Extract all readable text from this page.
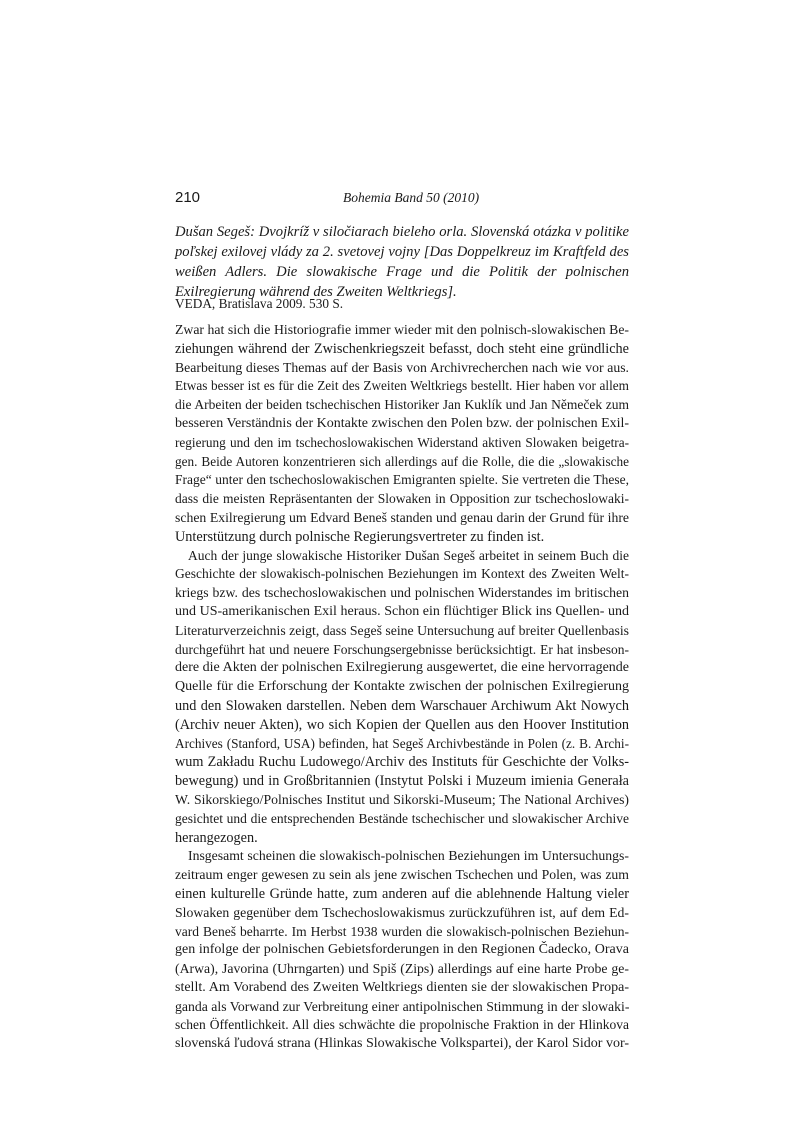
210	Bohemia Band 50 (2010)
Dušan Segeš: Dvojkríž v siločiarach bieleho orla. Slovenská otázka v politike poľskej exilovej vlády za 2. svetovej vojny [Das Doppelkreuz im Kraftfeld des weißen Adlers. Die slowakische Frage und die Politik der polnischen Exilregierung während des Zweiten Weltkriegs].
VEDA, Bratislava 2009. 530 S.
Zwar hat sich die Historiografie immer wieder mit den polnisch-slowakischen Be-
ziehungen während der Zwischenkriegszeit befasst, doch steht eine gründliche
Bearbeitung dieses Themas auf der Basis von Archivrecherchen nach wie vor aus.
Etwas besser ist es für die Zeit des Zweiten Weltkriegs bestellt. Hier haben vor allem
die Arbeiten der beiden tschechischen Historiker Jan Kuklík und Jan Němeček zum
besseren Verständnis der Kontakte zwischen den Polen bzw. der polnischen Exil-
regierung und den im tschechoslowakischen Widerstand aktiven Slowaken beigetra-
gen. Beide Autoren konzentrieren sich allerdings auf die Rolle, die die „slowakische
Frage“ unter den tschechoslowakischen Emigranten spielte. Sie vertreten die These,
dass die meisten Repräsentanten der Slowaken in Opposition zur tschechoslowaki-
schen Exilregierung um Edvard Beneš standen und genau darin der Grund für ihre
Unterstützung durch polnische Regierungsvertreter zu finden ist.
Auch der junge slowakische Historiker Dušan Segeš arbeitet in seinem Buch die
Geschichte der slowakisch-polnischen Beziehungen im Kontext des Zweiten Welt-
kriegs bzw. des tschechoslowakischen und polnischen Widerstandes im britischen
und US-amerikanischen Exil heraus. Schon ein flüchtiger Blick ins Quellen- und
Literaturverzeichnis zeigt, dass Segeš seine Untersuchung auf breiter Quellenbasis
durchgeführt hat und neuere Forschungsergebnisse berücksichtigt. Er hat insbeson-
dere die Akten der polnischen Exilregierung ausgewertet, die eine hervorragende
Quelle für die Erforschung der Kontakte zwischen der polnischen Exilregierung
und den Slowaken darstellen. Neben dem Warschauer Archiwum Akt Nowych
(Archiv neuer Akten), wo sich Kopien der Quellen aus den Hoover Institution
Archives (Stanford, USA) befinden, hat Segeš Archivbestände in Polen (z. B. Archi-
wum Zakładu Ruchu Ludowego/Archiv des Instituts für Geschichte der Volks-
bewegung) und in Großbritannien (Instytut Polski i Muzeum imienia Generała
W. Sikorskiego/Polnisches Institut und Sikorski-Museum; The National Archives)
gesichtet und die entsprechenden Bestände tschechischer und slowakischer Archive
herangezogen.
Insgesamt scheinen die slowakisch-polnischen Beziehungen im Untersuchungs-
zeitraum enger gewesen zu sein als jene zwischen Tschechen und Polen, was zum
einen kulturelle Gründe hatte, zum anderen auf die ablehnende Haltung vieler
Slowaken gegenüber dem Tschechoslowakismus zurückzuführen ist, auf dem Ed-
vard Beneš beharrte. Im Herbst 1938 wurden die slowakisch-polnischen Beziehun-
gen infolge der polnischen Gebietsforderungen in den Regionen Čadecko, Orava
(Arwa), Javorina (Uhrngarten) und Spiš (Zips) allerdings auf eine harte Probe ge-
stellt. Am Vorabend des Zweiten Weltkriegs dienten sie der slowakischen Propa-
ganda als Vorwand zur Verbreitung einer antipolnischen Stimmung in der slowaki-
schen Öffentlichkeit. All dies schwächte die propolnische Fraktion in der Hlinkova
slovenská ľudová strana (Hlinkas Slowakische Volkspartei), der Karol Sidor vor-
